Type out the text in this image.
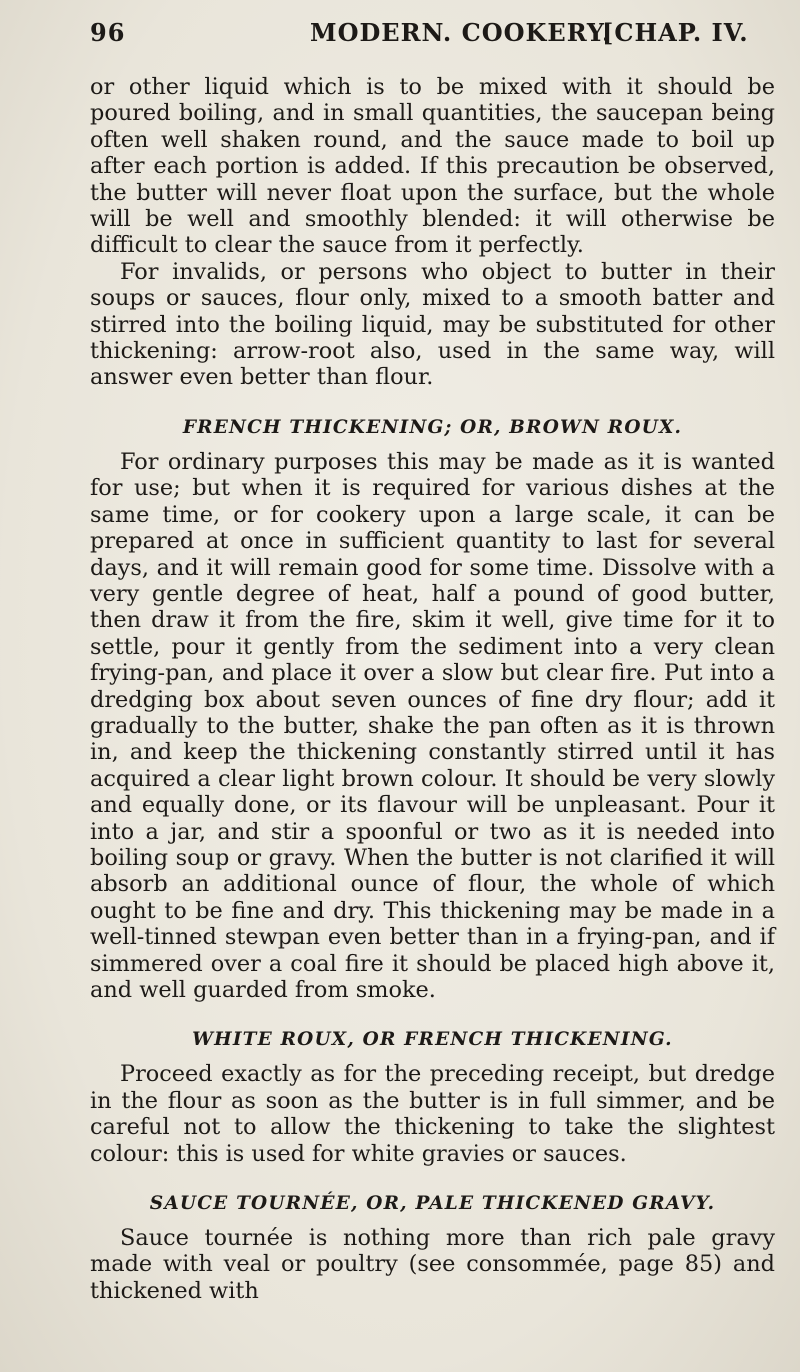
96	MODERN. COOKERY.
[CHAP. IV.

or other liquid which is to be mixed with it should be poured boiling, and in small quantities, the saucepan being often well shaken round, and the sauce made to boil up after each portion is added. If this precaution be observed, the butter will never float upon the surface, but the whole will be well and smoothly blended: it will otherwise be difficult to clear the sauce from it perfectly.

For invalids, or persons who object to butter in their soups or sauces, flour only, mixed to a smooth batter and stirred into the boiling liquid, may be substituted for other thickening: arrow-root also, used in the same way, will answer even better than flour.

FRENCH THICKENING; OR, BROWN ROUX.

For ordinary purposes this may be made as it is wanted for use; but when it is required for various dishes at the same time, or for cookery upon a large scale, it can be prepared at once in sufficient quantity to last for several days, and it will remain good for some time. Dissolve with a very gentle degree of heat, half a pound of good butter, then draw it from the fire, skim it well, give time for it to settle, pour it gently from the sediment into a very clean frying-pan, and place it over a slow but clear fire. Put into a dredging box about seven ounces of fine dry flour; add it gradually to the butter, shake the pan often as it is thrown in, and keep the thickening constantly stirred until it has acquired a clear light brown colour. It should be very slowly and equally done, or its flavour will be unpleasant. Pour it into a jar, and stir a spoonful or two as it is needed into boiling soup or gravy. When the butter is not clarified it will absorb an additional ounce of flour, the whole of which ought to be fine and dry. This thickening may be made in a well-tinned stewpan even better than in a frying-pan, and if simmered over a coal fire it should be placed high above it, and well guarded from smoke.

WHITE ROUX, OR FRENCH THICKENING.

Proceed exactly as for the preceding receipt, but dredge in the flour as soon as the butter is in full simmer, and be careful not to allow the thickening to take the slightest colour: this is used for white gravies or sauces.

SAUCE TOURNÉE, OR, PALE THICKENED GRAVY.

Sauce tournée is nothing more than rich pale gravy made with veal or poultry (see consommée, page 85) and thickened with
